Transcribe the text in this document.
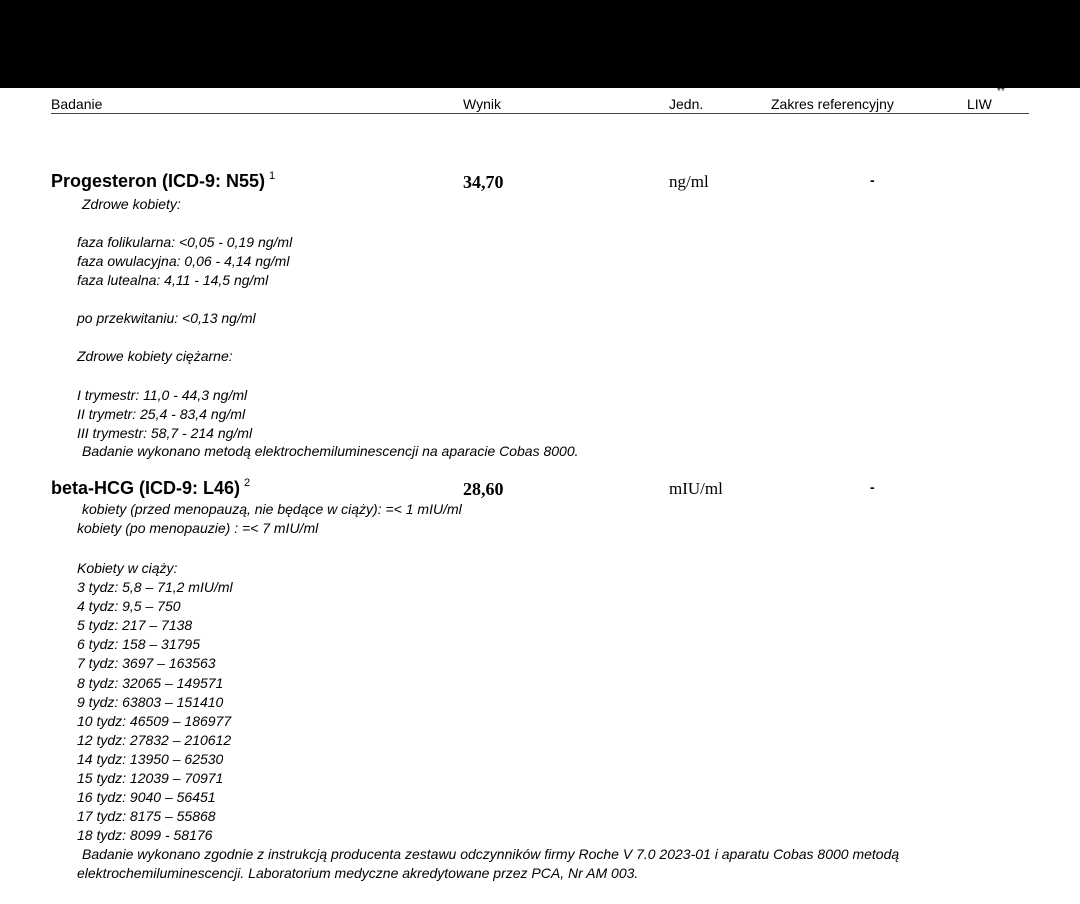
Badanie	Wynik	Jedn.	Zakres referencyjny	LIW
**
Progesteron (ICD-9: N55) $^1$	34,70	ng/ml	-
Zdrowe kobiety:
faza folikularna: <0,05 - 0,19 ng/ml
faza owulacyjna: 0,06 - 4,14 ng/ml
faza lutealna: 4,11 - 14,5 ng/ml
po przekwitaniu: <0,13 ng/ml
Zdrowe kobiety ciężarne:
I trymestr: 11,0 - 44,3 ng/ml
II trymetr: 25,4 - 83,4 ng/ml
III trymestr: 58,7 - 214 ng/ml
Badanie wykonano metodą elektrochemiluminescencji na aparacie Cobas 8000.
beta-HCG (ICD-9: L46) $^2$	28,60	mIU/ml	-
kobiety (przed menopauzą, nie będące w ciąży): =< 1 mIU/ml
kobiety (po menopauzie) : =< 7 mIU/ml
Kobiety w ciąży:
3 tydz: 5,8 – 71,2 mIU/ml
4 tydz: 9,5 – 750
5 tydz: 217 – 7138
6 tydz: 158 – 31795
7 tydz: 3697 – 163563
8 tydz: 32065 – 149571
9 tydz: 63803 – 151410
10 tydz: 46509 – 186977
12 tydz: 27832 – 210612
14 tydz: 13950 – 62530
15 tydz: 12039 – 70971
16 tydz: 9040 – 56451
17 tydz: 8175 – 55868
18 tydz: 8099 - 58176
Badanie wykonano zgodnie z instrukcją producenta zestawu odczynników firmy Roche V 7.0 2023-01 i aparatu Cobas 8000 metodą
elektrochemiluminescencji. Laboratorium medyczne akredytowane przez PCA, Nr AM 003.
